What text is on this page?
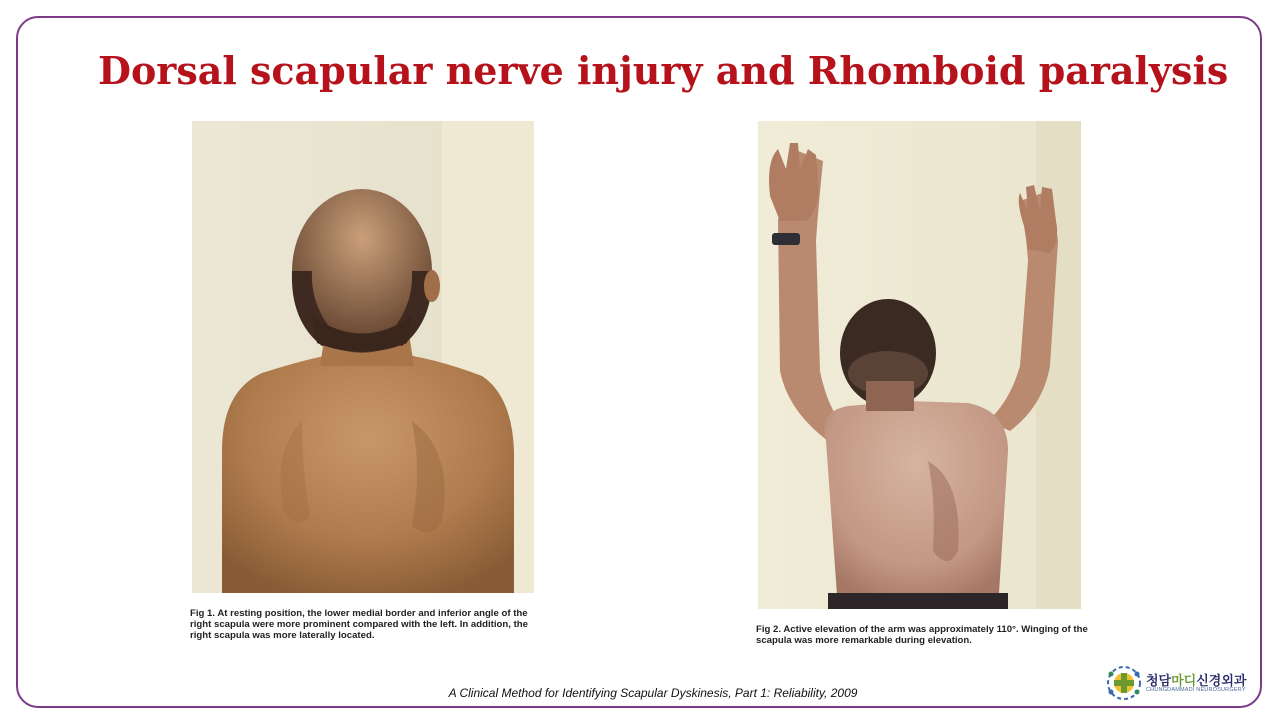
Dorsal scapular nerve injury and Rhomboid paralysis
Fig 1. At resting position, the lower medial border and inferior angle of the right scapula were more prominent compared with the left. In addition, the right scapula was more laterally located.
Fig 2. Active elevation of the arm was approximately 110°. Winging of the scapula was more remarkable during elevation.
A Clinical Method for Identifying Scapular Dyskinesis, Part 1: Reliability, 2009
청담마디신경외과
CHUNGDAMMADI NEUROSURGERY
